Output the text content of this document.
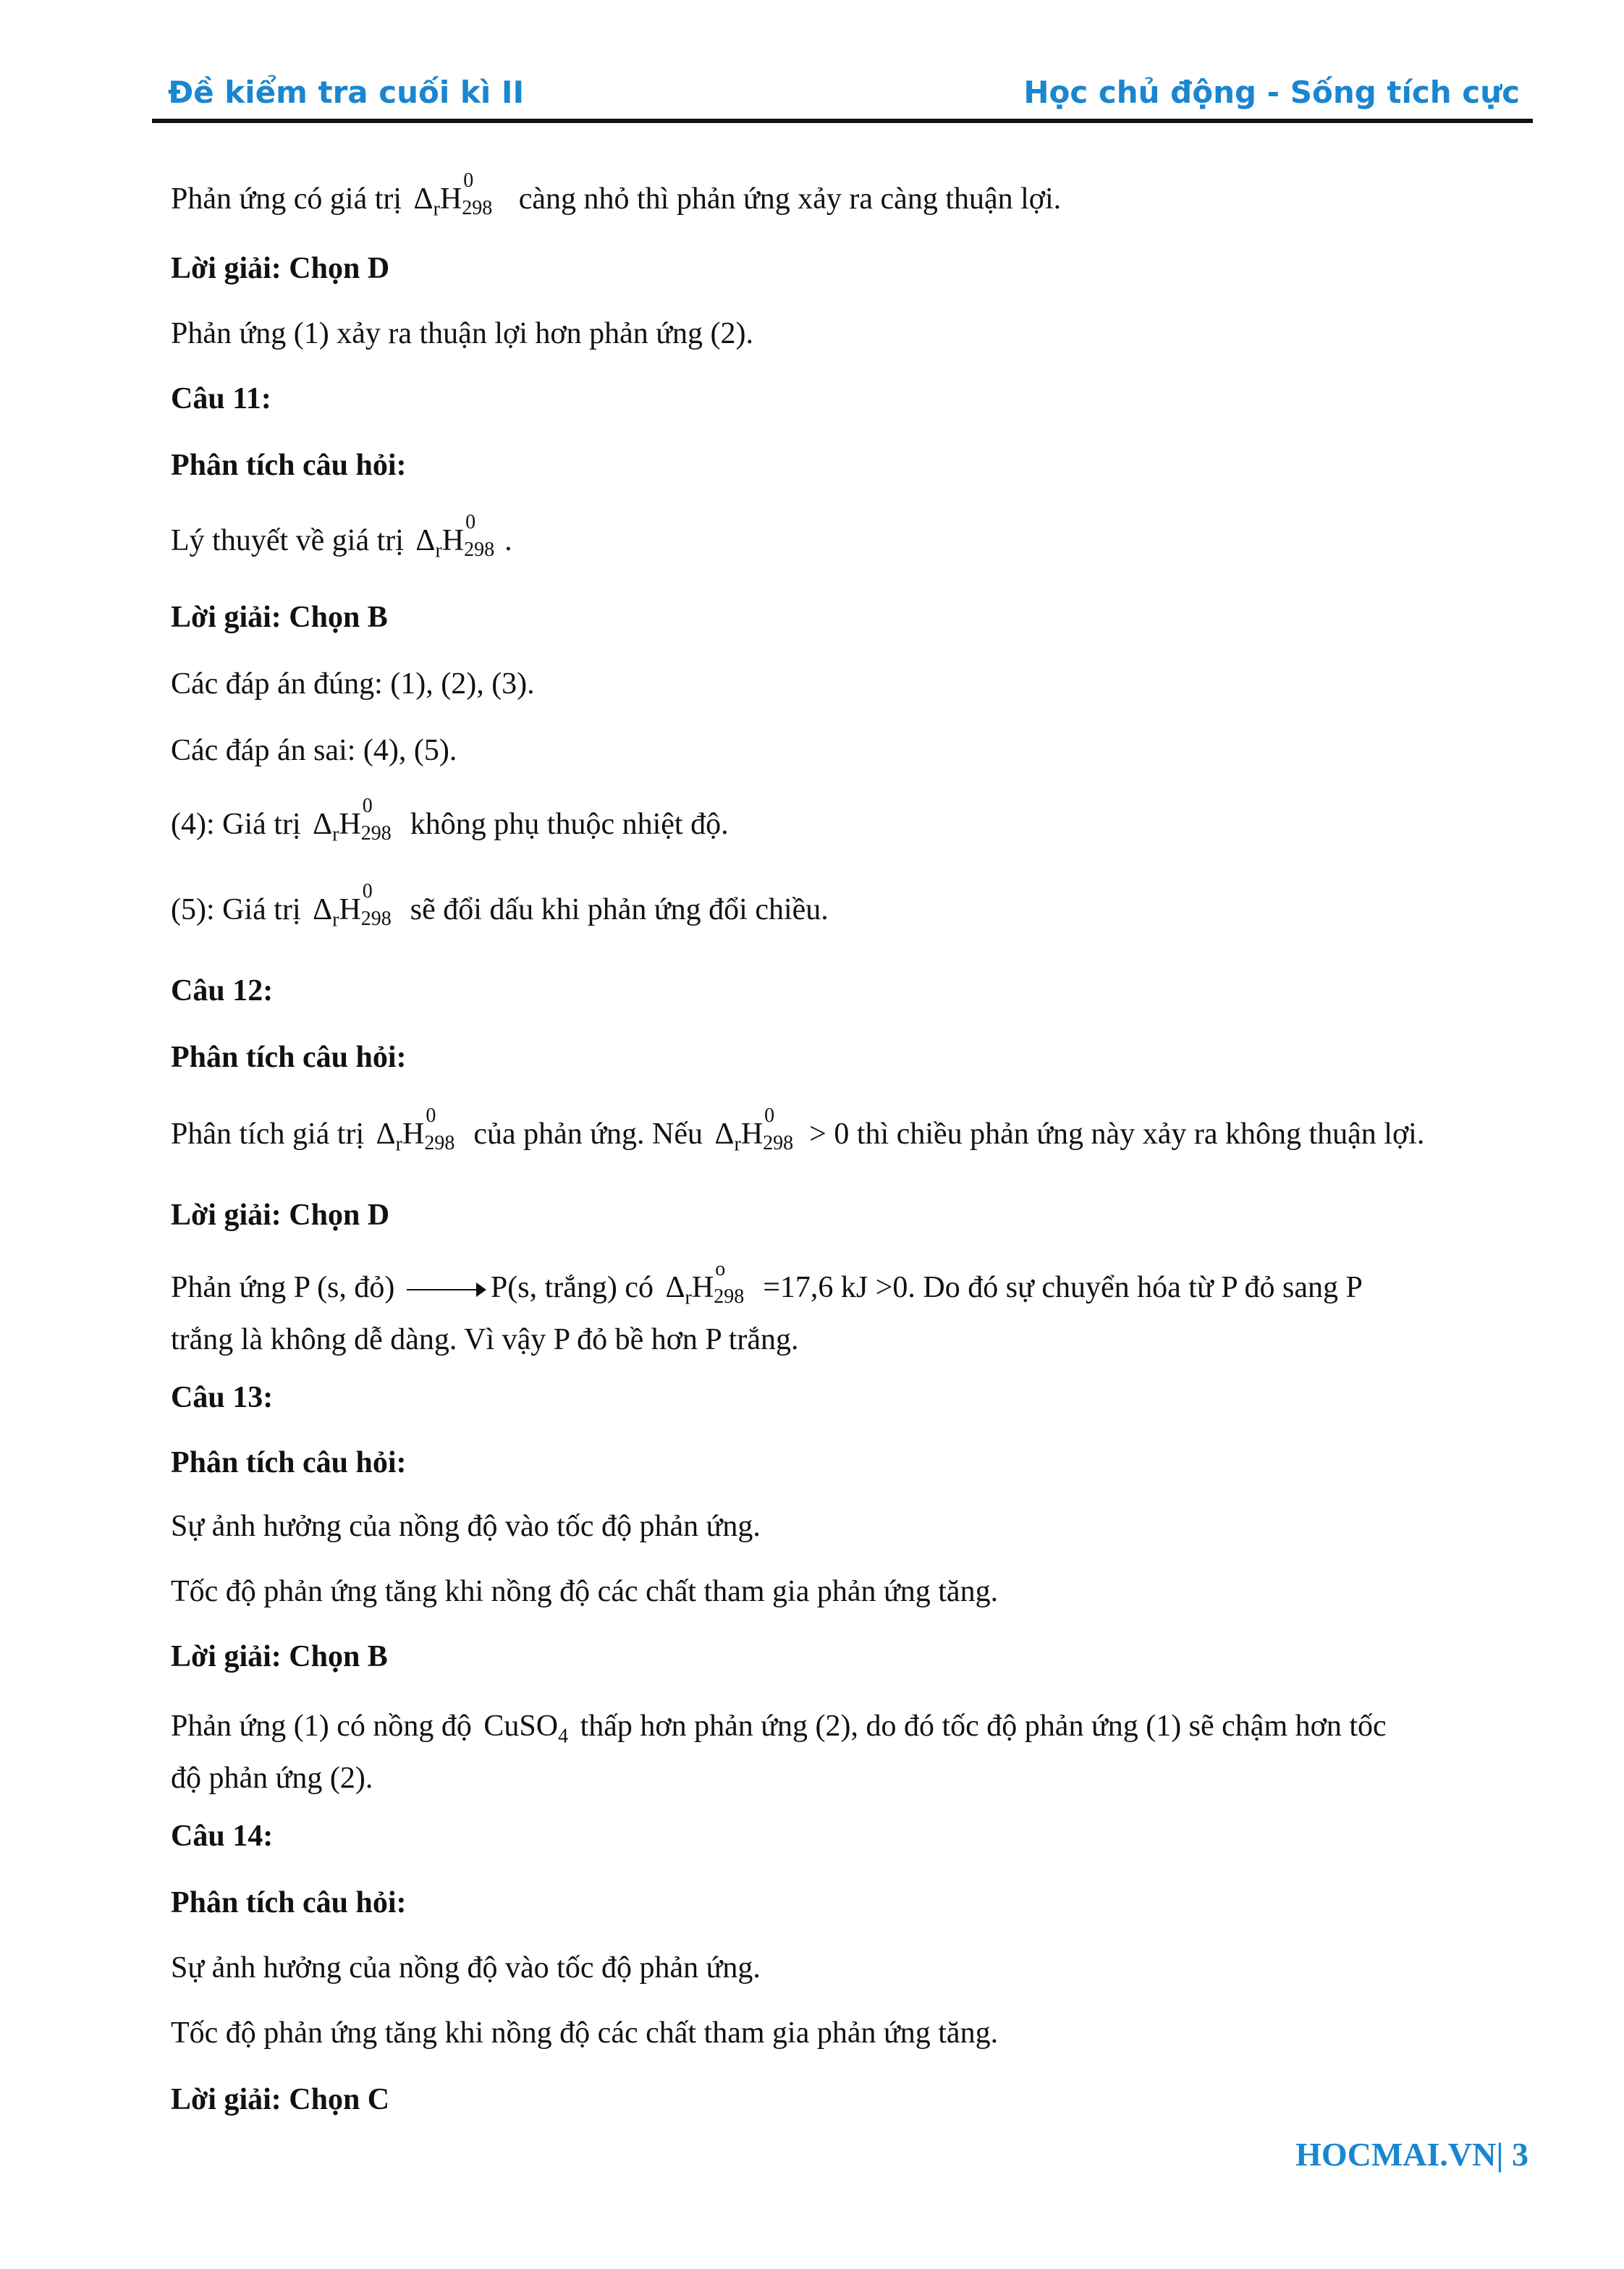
Đề kiểm tra cuối kì II	Học chủ động - Sống tích cực
Phản ứng có giá trị $\Delta_rH$
0
298 càng nhỏ thì phản ứng xảy ra càng thuận lợi.
Lời giải: Chọn D
Phản ứng (1) xảy ra thuận lợi hơn phản ứng (2).
Câu 11:
Phân tích câu hỏi:
Lý thuyết về giá trị $\Delta_rH$
0
298 .
Lời giải: Chọn B
Các đáp án đúng: (1), (2), (3).
Các đáp án sai: (4), (5).
(4): Giá trị $\Delta_rH$
0
298 không phụ thuộc nhiệt độ.
(5): Giá trị $\Delta_rH$
0
298 sẽ đổi dấu khi phản ứng đổi chiều.
Câu 12:
Phân tích câu hỏi:
Phân tích giá trị $\Delta_rH$
0
298 của phản ứng. Nếu $\Delta_rH$
0
298 > 0 thì chiều phản ứng này xảy ra không thuận lợi.
Lời giải: Chọn D
Phản ứng P (s, đỏ)	P(s, trắng) có $\Delta_rH$
o
298 =17,6 kJ >0. Do đó sự chuyển hóa từ P đỏ sang P
trắng là không dễ dàng. Vì vậy P đỏ bề hơn P trắng.
Câu 13:
Phân tích câu hỏi:
Sự ảnh hưởng của nồng độ vào tốc độ phản ứng.
Tốc độ phản ứng tăng khi nồng độ các chất tham gia phản ứng tăng.
Lời giải: Chọn B
Phản ứng (1) có nồng độ CuSO$_4$ thấp hơn phản ứng (2), do đó tốc độ phản ứng (1) sẽ chậm hơn tốc
độ phản ứng (2).
Câu 14:
Phân tích câu hỏi:
Sự ảnh hưởng của nồng độ vào tốc độ phản ứng.
Tốc độ phản ứng tăng khi nồng độ các chất tham gia phản ứng tăng.
Lời giải: Chọn C
HOCMAI.VN| 3
